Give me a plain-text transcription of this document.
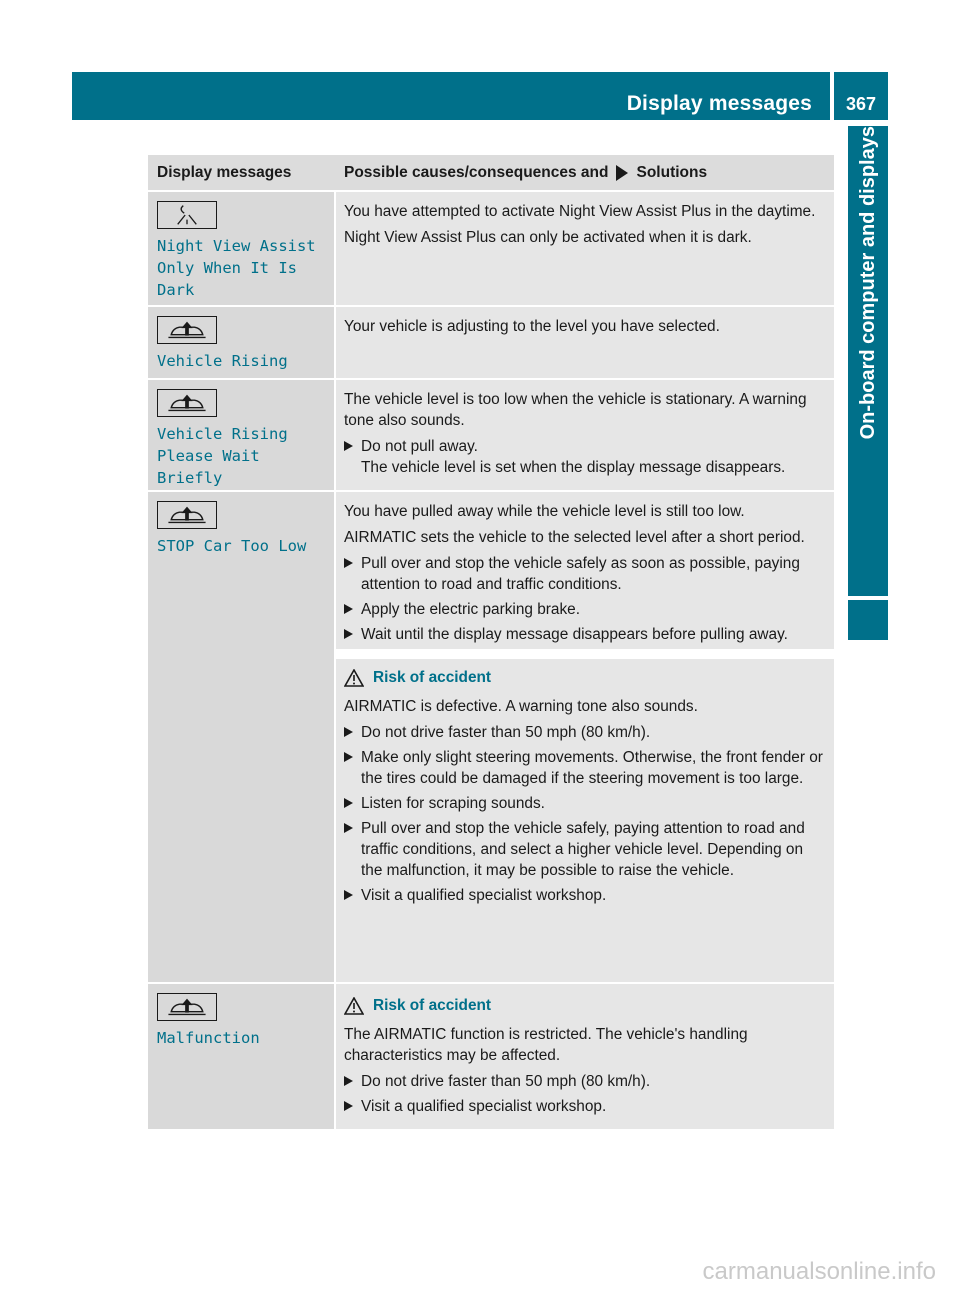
Display messages	367
On-board computer and displays
Display messages	Possible causes/consequences and Solutions
Night View Assist
Only When It Is
Dark

You have attempted to activate Night View Assist Plus in the daytime.

Night View Assist Plus can only be activated when it is dark.

Vehicle Rising

Your vehicle is adjusting to the level you have selected.

Vehicle Rising
Please Wait Briefly

The vehicle level is too low when the vehicle is stationary. A warning tone also sounds.

Do not pull away.
The vehicle level is set when the display message disappears.
STOP Car Too Low

You have pulled away while the vehicle level is still too low.

AIRMATIC sets the vehicle to the selected level after a short period.

Pull over and stop the vehicle safely as soon as possible, paying attention to road and traffic conditions.
Apply the electric parking brake.
Wait until the display message disappears before pulling away.
Risk of accident

AIRMATIC is defective. A warning tone also sounds.

Do not drive faster than 50 mph (80 km/h).
Make only slight steering movements. Otherwise, the front fender or the tires could be damaged if the steering movement is too large.
Listen for scraping sounds.
Pull over and stop the vehicle safely, paying attention to road and traffic conditions, and select a higher vehicle level. Depending on the malfunction, it may be possible to raise the vehicle.
Visit a qualified specialist workshop.
Malfunction
Risk of accident

The AIRMATIC function is restricted. The vehicle's handling characteristics may be affected.

Do not drive faster than 50 mph (80 km/h).
Visit a qualified specialist workshop.
carmanualsonline.info
